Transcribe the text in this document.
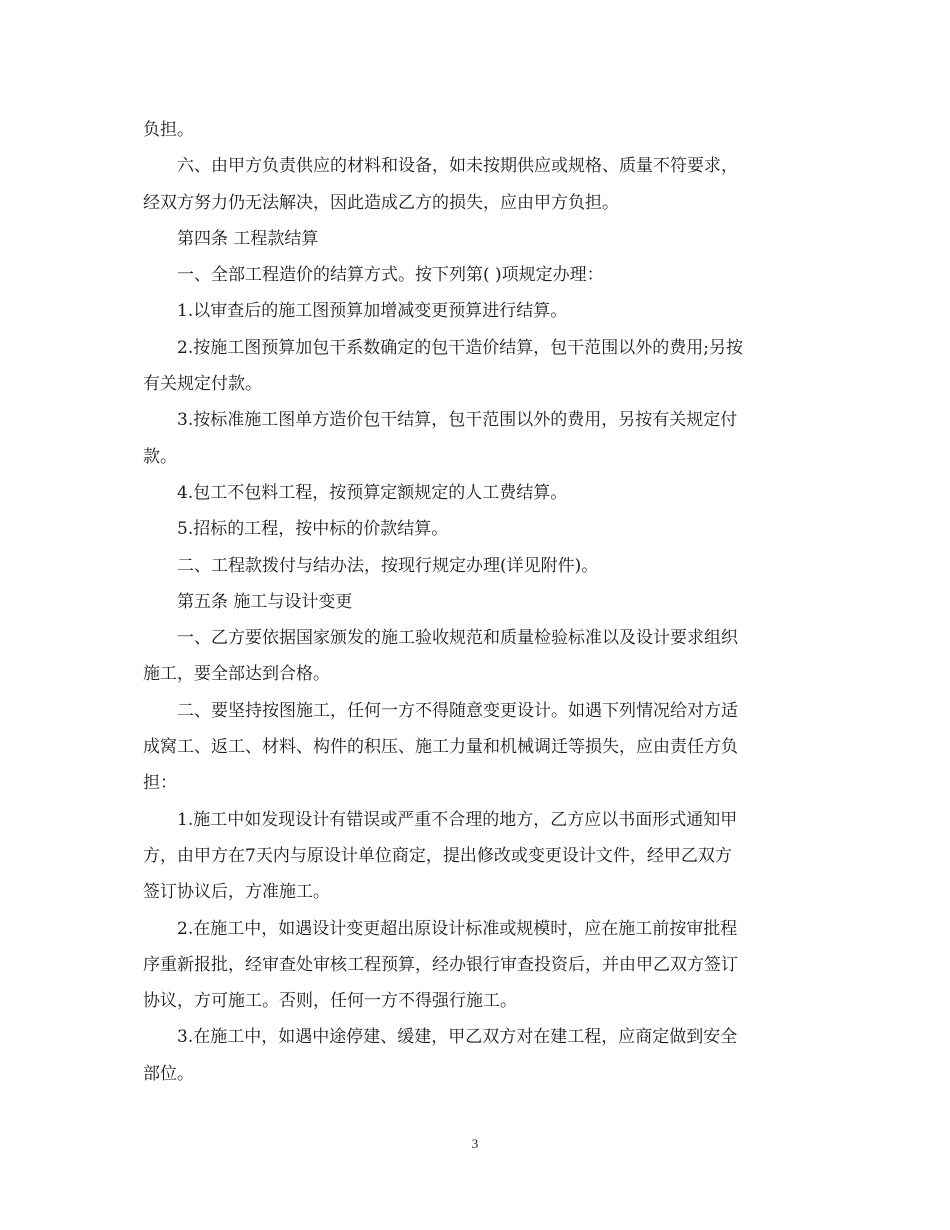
负担。
六、由甲方负责供应的材料和设备，如未按期供应或规格、质量不符要求，
经双方努力仍无法解决，因此造成乙方的损失，应由甲方负担。
第四条 工程款结算
一、全部工程造价的结算方式。按下列第( )项规定办理：
1.以审查后的施工图预算加增减变更预算进行结算。
2.按施工图预算加包干系数确定的包干造价结算，包干范围以外的费用;另按
有关规定付款。
3.按标准施工图单方造价包干结算，包干范围以外的费用，另按有关规定付
款。
4.包工不包料工程，按预算定额规定的人工费结算。
5.招标的工程，按中标的价款结算。
二、工程款拨付与结办法，按现行规定办理(详见附件)。
第五条 施工与设计变更
一、乙方要依据国家颁发的施工验收规范和质量检验标准以及设计要求组织
施工，要全部达到合格。
二、要坚持按图施工，任何一方不得随意变更设计。如遇下列情况给对方适
成窝工、返工、材料、构件的积压、施工力量和机械调迁等损失，应由责任方负
担：
1.施工中如发现设计有错误或严重不合理的地方，乙方应以书面形式通知甲
方，由甲方在7天内与原设计单位商定，提出修改或变更设计文件，经甲乙双方
签订协议后，方准施工。
2.在施工中，如遇设计变更超出原设计标准或规模时，应在施工前按审批程
序重新报批，经审查处审核工程预算，经办银行审查投资后，并由甲乙双方签订
协议，方可施工。否则，任何一方不得强行施工。
3.在施工中，如遇中途停建、缓建，甲乙双方对在建工程，应商定做到安全
部位。
3
